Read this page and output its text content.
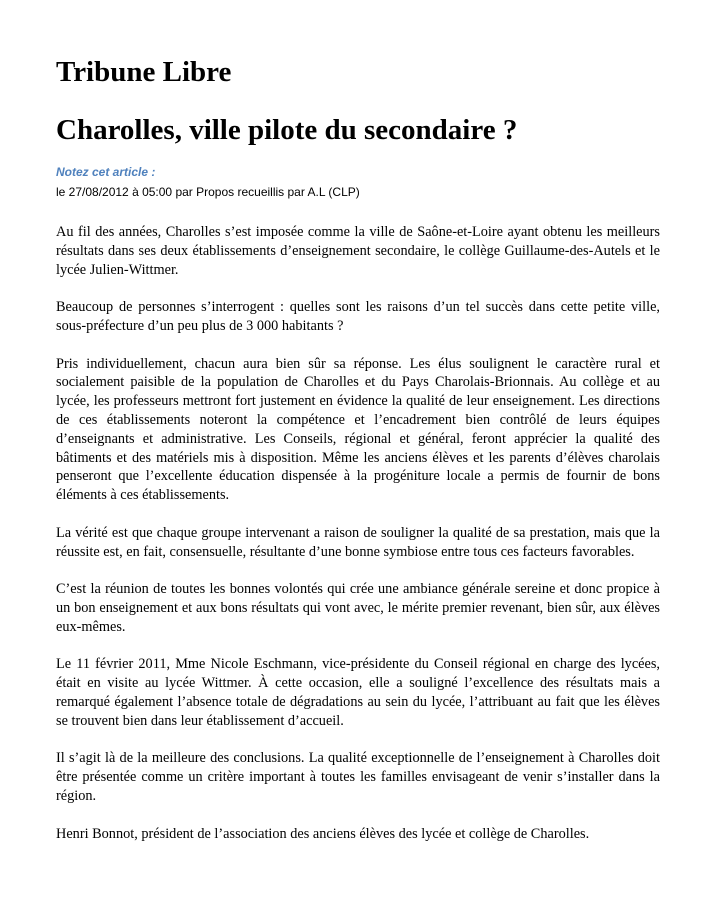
Tribune Libre
Charolles, ville pilote du secondaire ?
Notez cet article :
le 27/08/2012 à 05:00 par Propos recueillis par A.L (CLP)

Au fil des années, Charolles s’est imposée comme la ville de Saône-et-Loire ayant obtenu les meilleurs résultats dans ses deux établissements d’enseignement secondaire, le collège Guillaume-des-Autels et le lycée Julien-Wittmer.

Beaucoup de personnes s’interrogent : quelles sont les raisons d’un tel succès dans cette petite ville, sous-préfecture d’un peu plus de 3 000 habitants ?

Pris individuellement, chacun aura bien sûr sa réponse. Les élus soulignent le caractère rural et socialement paisible de la population de Charolles et du Pays Charolais-Brionnais. Au collège et au lycée, les professeurs mettront fort justement en évidence la qualité de leur enseignement. Les directions de ces établissements noteront la compétence et l’encadrement bien contrôlé de leurs équipes d’enseignants et administrative. Les Conseils, régional et général, feront apprécier la qualité des bâtiments et des matériels mis à disposition. Même les anciens élèves et les parents d’élèves charolais penseront que l’excellente éducation dispensée à la progéniture locale a permis de fournir de bons éléments à ces établissements.

La vérité est que chaque groupe intervenant a raison de souligner la qualité de sa prestation, mais que la réussite est, en fait, consensuelle, résultante d’une bonne symbiose entre tous ces facteurs favorables.

C’est la réunion de toutes les bonnes volontés qui crée une ambiance générale sereine et donc propice à un bon enseignement et aux bons résultats qui vont avec, le mérite premier revenant, bien sûr, aux élèves eux-mêmes.

Le 11 février 2011, Mme Nicole Eschmann, vice-présidente du Conseil régional en charge des lycées, était en visite au lycée Wittmer. À cette occasion, elle a souligné l’excellence des résultats mais a remarqué également l’absence totale de dégradations au sein du lycée, l’attribuant au fait que les élèves se trouvent bien dans leur établissement d’accueil.

Il s’agit là de la meilleure des conclusions. La qualité exceptionnelle de l’enseignement à Charolles doit être présentée comme un critère important à toutes les familles envisageant de venir s’installer dans la région.

Henri Bonnot, président de l’association des anciens élèves des lycée et collège de Charolles.
